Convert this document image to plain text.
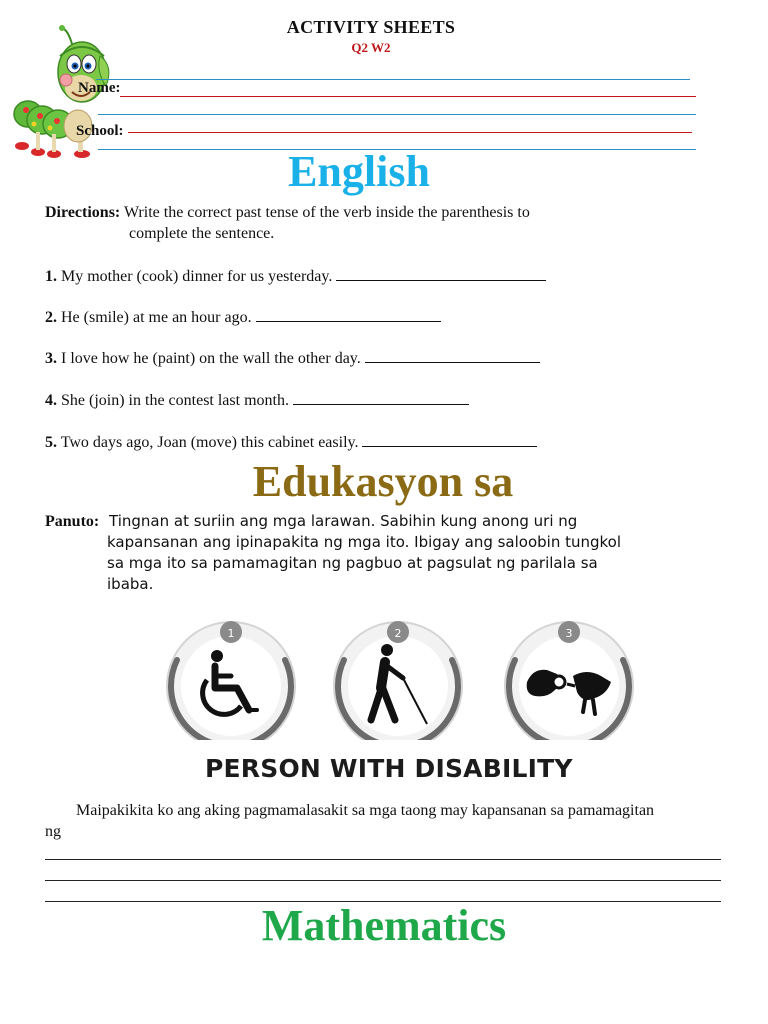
ACTIVITY SHEETS
Q2 W2
Name:
School:
English
Directions: Write the correct past tense of the verb inside the parenthesis to
complete the sentence.
1. My mother (cook) dinner for us yesterday.
2. He (smile) at me an hour ago.
3. I love how he (paint) on the wall the other day.
4. She (join) in the contest last month.
5. Two days ago, Joan (move) this cabinet easily.
Edukasyon sa
Panuto: Tingnan at suriin ang mga larawan. Sabihin kung anong uri ng
kapansanan ang ipinapakita ng mga ito. Ibigay ang saloobin tungkol
sa mga ito sa pamamagitan ng pagbuo at pagsulat ng parilala sa
ibaba.
1	2	3
PERSON WITH DISABILITY
Maipakikita ko ang aking pagmamalasakit sa mga taong may kapansanan sa pamamagitan
ng
Mathematics
